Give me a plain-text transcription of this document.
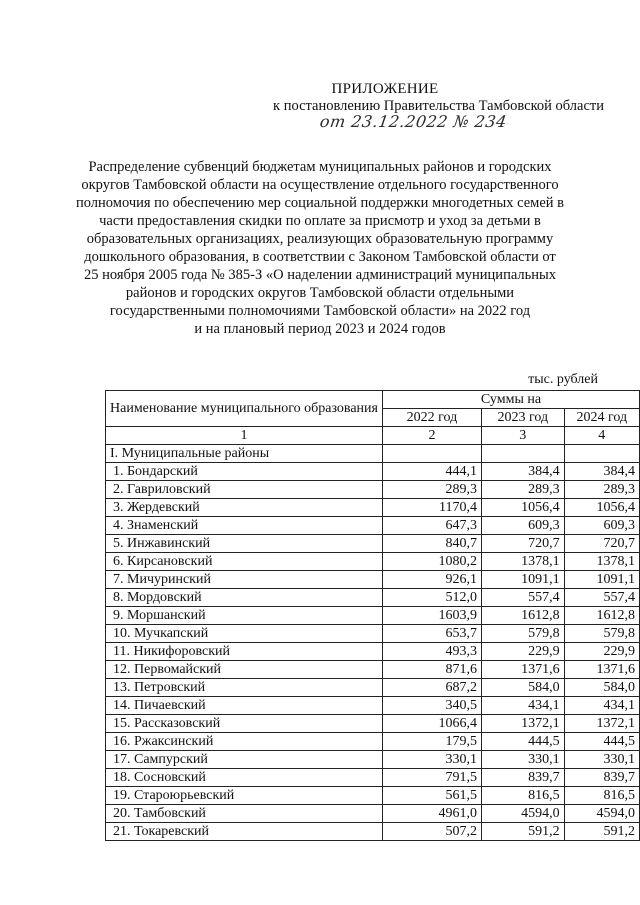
ПРИЛОЖЕНИЕ
к постановлению Правительства Тамбовской области
от 23.12.2022 № 234
Распределение субвенций бюджетам муниципальных районов и городских
округов Тамбовской области на осуществление отдельного государственного
полномочия по обеспечению мер социальной поддержки многодетных семей в
части предоставления скидки по оплате за присмотр и уход за детьми в
образовательных организациях, реализующих образовательную программу
дошкольного образования, в соответствии с Законом Тамбовской области от
25 ноября 2005 года № 385-З «О наделении администраций муниципальных
районов и городских округов Тамбовской области отдельными
государственными полномочиями Тамбовской области» на 2022 год
и на плановый период 2023 и 2024 годов
тыс. рублей
Наименование муниципального образования	Суммы на		
	2022 год	2023 год	2024 год
1	2	3	4
I. Муниципальные районы			
1. Бондарский	444,1	384,4	384,4
2. Гавриловский	289,3	289,3	289,3
3. Жердевский	1170,4	1056,4	1056,4
4. Знаменский	647,3	609,3	609,3
5. Инжавинский	840,7	720,7	720,7
6. Кирсановский	1080,2	1378,1	1378,1
7. Мичуринский	926,1	1091,1	1091,1
8. Мордовский	512,0	557,4	557,4
9. Моршанский	1603,9	1612,8	1612,8
10. Мучкапский	653,7	579,8	579,8
11. Никифоровский	493,3	229,9	229,9
12. Первомайский	871,6	1371,6	1371,6
13. Петровский	687,2	584,0	584,0
14. Пичаевский	340,5	434,1	434,1
15. Рассказовский	1066,4	1372,1	1372,1
16. Ржаксинский	179,5	444,5	444,5
17. Сампурский	330,1	330,1	330,1
18. Сосновский	791,5	839,7	839,7
19. Староюрьевский	561,5	816,5	816,5
20. Тамбовский	4961,0	4594,0	4594,0
21. Токаревский	507,2	591,2	591,2
